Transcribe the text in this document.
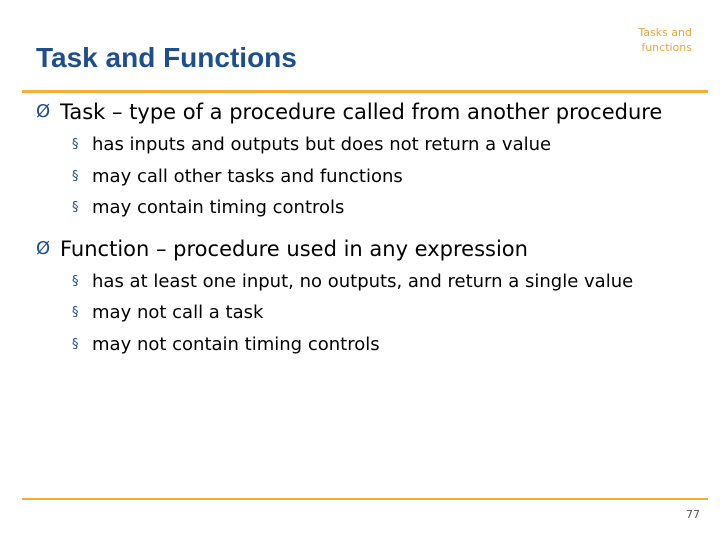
Task and Functions
Tasks and
functions
Ø Task – type of a procedure called from another procedure
§ has inputs and outputs but does not return a value
§ may call other tasks and functions
§ may contain timing controls
Ø Function – procedure used in any expression
§ has at least one input, no outputs, and return a single value
§ may not call a task
§ may not contain timing controls
77
